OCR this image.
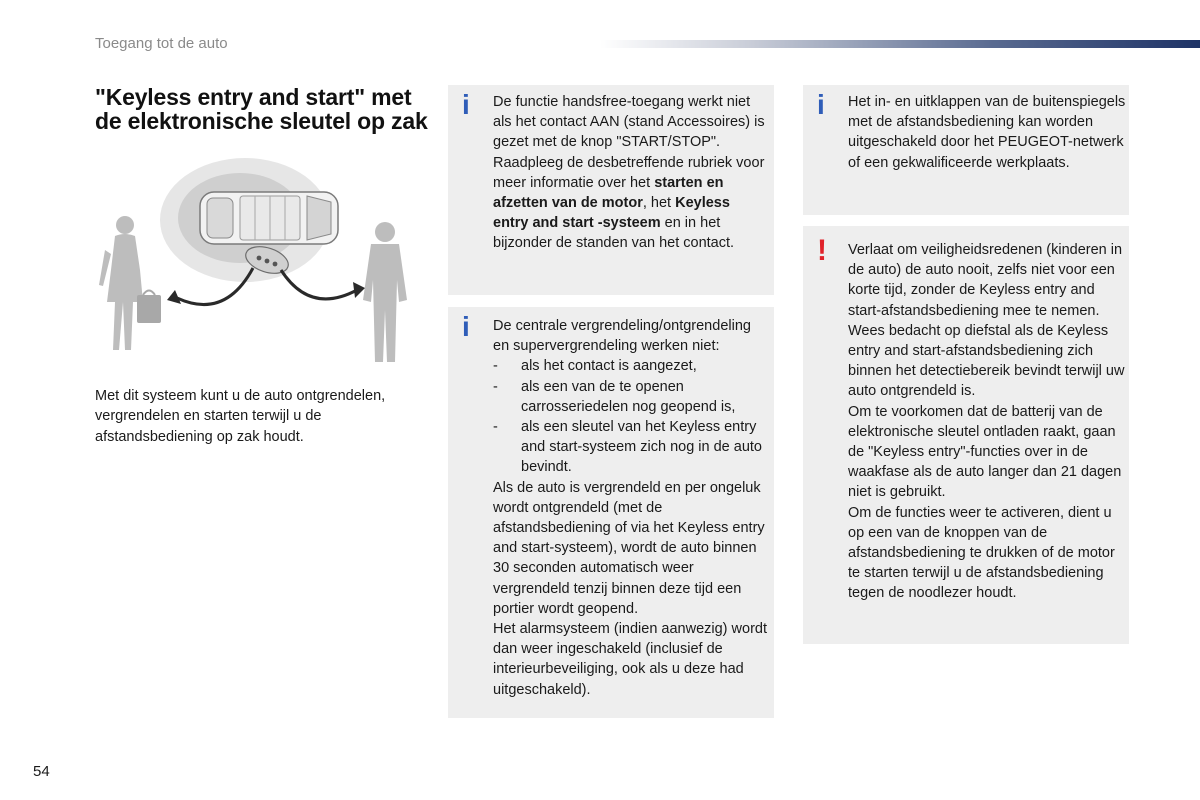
Toegang tot de auto
"Keyless entry and start" met
de elektronische sleutel op zak
Met dit systeem kunt u de auto ontgrendelen, vergrendelen en starten terwijl u de afstandsbediening op zak houdt.
i De functie handsfree-toegang werkt niet als het contact AAN (stand Accessoires) is gezet met de knop "START/STOP".

Raadpleeg de desbetreffende rubriek voor meer informatie over het starten en afzetten van de motor, het Keyless entry and start -systeem en in het bijzonder de standen van het contact.

i De centrale vergrendeling/ontgrendeling en supervergrendeling werken niet:

- als het contact is aangezet,
- als een van de te openen carrosseriedelen nog geopend is,
- als een sleutel van het Keyless entry and start-systeem zich nog in de auto bevindt.

Als de auto is vergrendeld en per ongeluk wordt ontgrendeld (met de afstandsbediening of via het Keyless entry and start-systeem), wordt de auto binnen 30 seconden automatisch weer vergrendeld tenzij binnen deze tijd een portier wordt geopend.

Het alarmsysteem (indien aanwezig) wordt dan weer ingeschakeld (inclusief de interieurbeveiliging, ook als u deze had uitgeschakeld).

i Het in- en uitklappen van de buitenspiegels met de afstandsbediening kan worden uitgeschakeld door het PEUGEOT-netwerk of een gekwalificeerde werkplaats.

! Verlaat om veiligheidsredenen (kinderen in de auto) de auto nooit, zelfs niet voor een korte tijd, zonder de Keyless entry and start-afstandsbediening mee te nemen.

Wees bedacht op diefstal als de Keyless entry and start-afstandsbediening zich binnen het detectiebereik bevindt terwijl uw auto ontgrendeld is.

Om te voorkomen dat de batterij van de elektronische sleutel ontladen raakt, gaan de "Keyless entry"-functies over in de waakfase als de auto langer dan 21 dagen niet is gebruikt.

Om de functies weer te activeren, dient u op een van de knoppen van de afstandsbediening te drukken of de motor te starten terwijl u de afstandsbediening tegen de noodlezer houdt.

54
